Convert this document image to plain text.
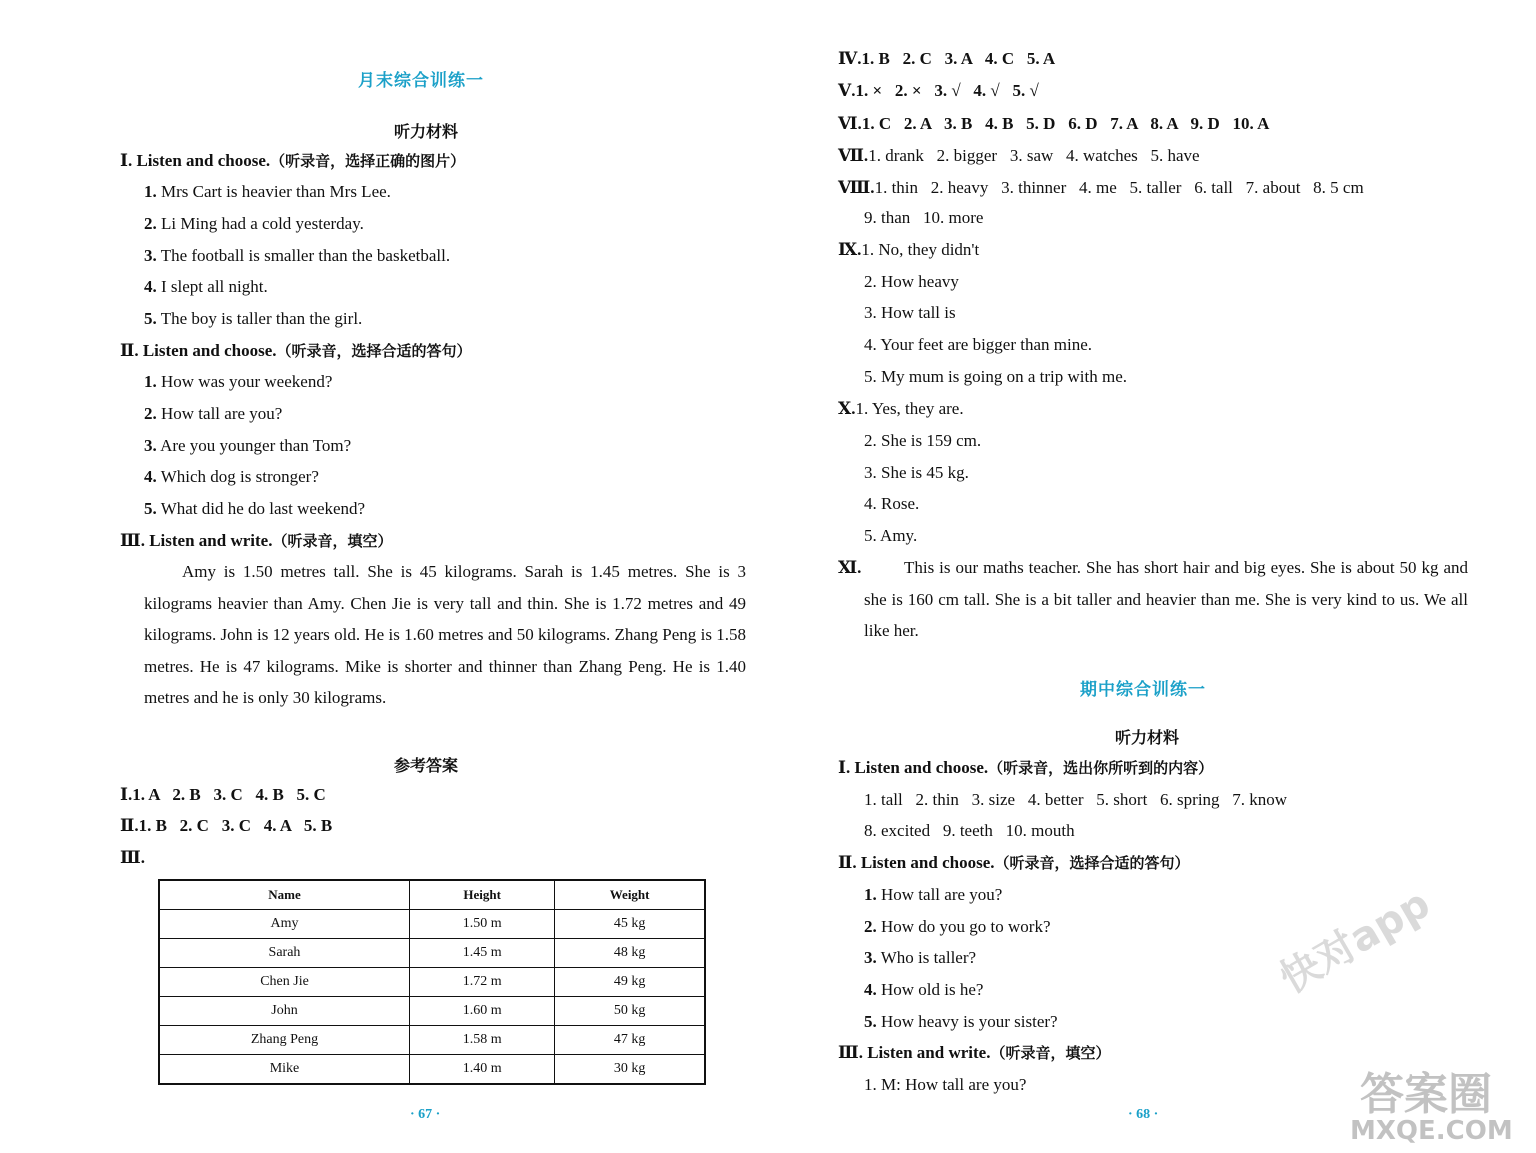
月末综合训练一
听力材料
Ⅰ. Listen and choose.（听录音，选择正确的图片）
1. Mrs Cart is heavier than Mrs Lee.
2. Li Ming had a cold yesterday.
3. The football is smaller than the basketball.
4. I slept all night.
5. The boy is taller than the girl.
Ⅱ. Listen and choose.（听录音，选择合适的答句）
1. How was your weekend?
2. How tall are you?
3. Are you younger than Tom?
4. Which dog is stronger?
5. What did he do last weekend?
Ⅲ. Listen and write.（听录音，填空）
Amy is 1.50 metres tall. She is 45 kilograms. Sarah is 1.45 metres. She is 3 kilograms heavier than Amy. Chen Jie is very tall and thin. She is 1.72 metres and 49 kilograms. John is 12 years old. He is 1.60 metres and 50 kilograms. Zhang Peng is 1.58 metres. He is 47 kilograms. Mike is shorter and thinner than Zhang Peng. He is 1.40 metres and he is only 30 kilograms.
参考答案
Ⅰ.1. A   2. B   3. C   4. B   5. C
Ⅱ.1. B   2. C   3. C   4. A   5. B
Ⅲ.
Name	Height	Weight
Amy	1.50 m	45 kg
Sarah	1.45 m	48 kg
Chen Jie	1.72 m	49 kg
John	1.60 m	50 kg
Zhang Peng	1.58 m	47 kg
Mike	1.40 m	30 kg
· 67 ·
Ⅳ.1. B   2. C   3. A   4. C   5. A
Ⅴ.1. ×   2. ×   3. √   4. √   5. √
Ⅵ.1. C   2. A   3. B   4. B   5. D   6. D   7. A   8. A   9. D   10. A
Ⅶ.1. drank   2. bigger   3. saw   4. watches   5. have
Ⅷ.1. thin   2. heavy   3. thinner   4. me   5. taller   6. tall   7. about   8. 5 cm
9. than   10. more
Ⅸ.1. No, they didn't
2. How heavy
3. How tall is
4. Your feet are bigger than mine.
5. My mum is going on a trip with me.
Ⅹ.1. Yes, they are.
2. She is 159 cm.
3. She is 45 kg.
4. Rose.
5. Amy.
Ⅺ.	This is our maths teacher. She has short hair and big eyes. She is about 50 kg and she is 160 cm tall. She is a bit taller and heavier than me. She is very kind to us. We all like her.
期中综合训练一
听力材料
Ⅰ. Listen and choose.（听录音，选出你所听到的内容）
1. tall   2. thin   3. size   4. better   5. short   6. spring   7. know
8. excited   9. teeth   10. mouth
Ⅱ. Listen and choose.（听录音，选择合适的答句）
1. How tall are you?
2. How do you go to work?
3. Who is taller?
4. How old is he?
5. How heavy is your sister?
Ⅲ. Listen and write.（听录音，填空）
1. M: How tall are you?
· 68 ·
快对app
答案圈
MXQE.COM
